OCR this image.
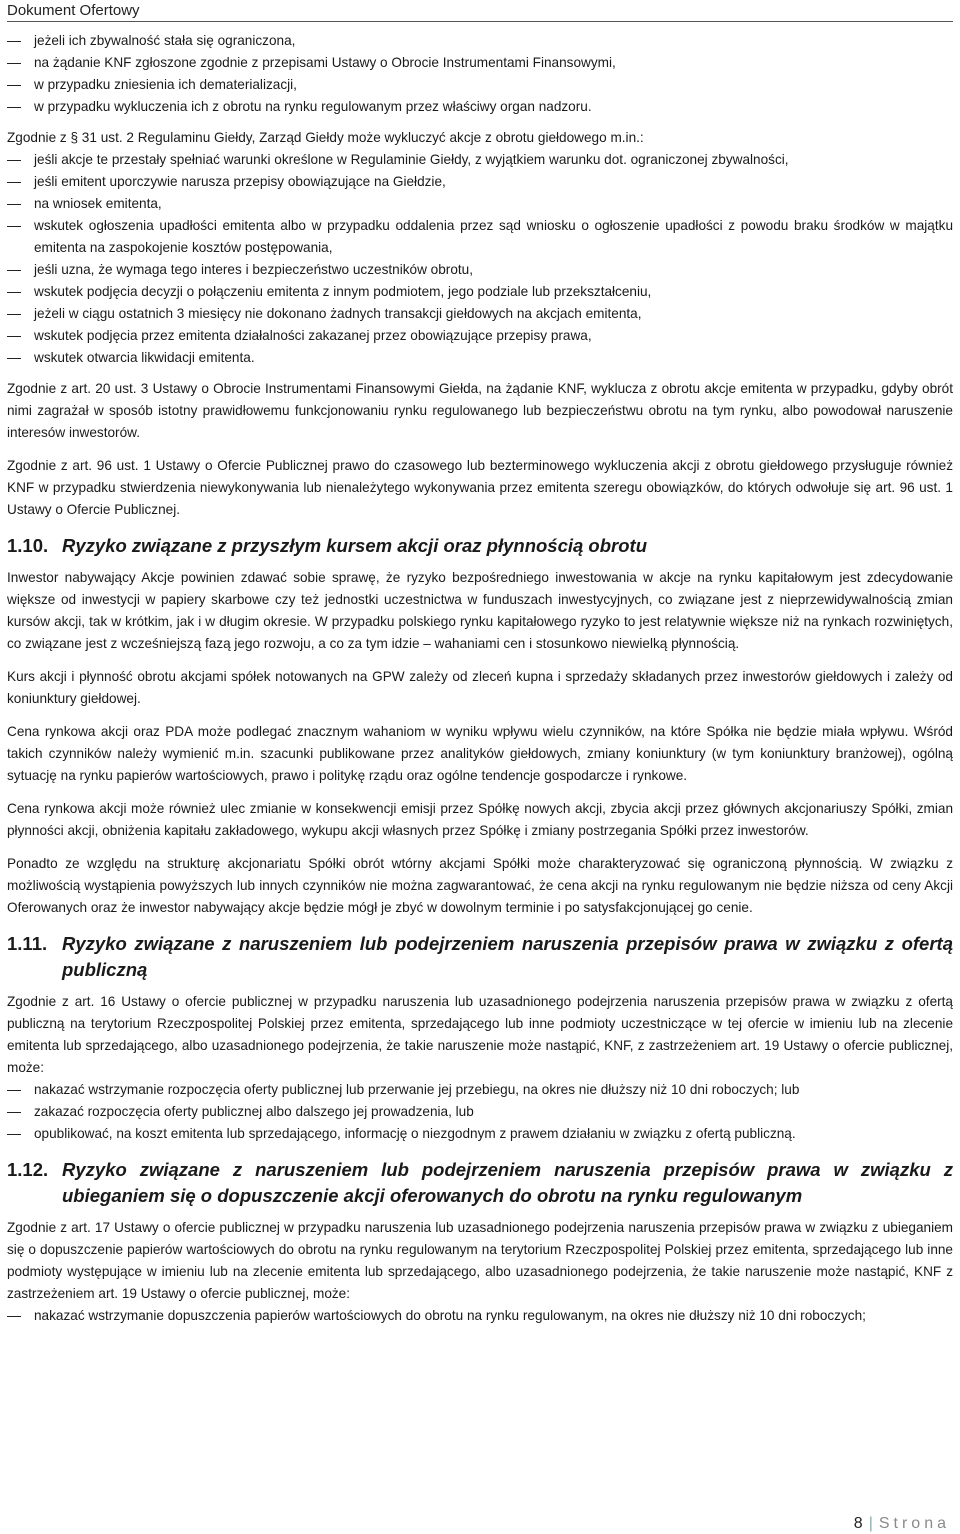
Dokument Ofertowy
jeżeli ich zbywalność stała się ograniczona,
na żądanie KNF zgłoszone zgodnie z przepisami Ustawy o Obrocie Instrumentami Finansowymi,
w przypadku zniesienia ich dematerializacji,
w przypadku wykluczenia ich z obrotu na rynku regulowanym przez właściwy organ nadzoru.

Zgodnie z § 31 ust. 2 Regulaminu Giełdy, Zarząd Giełdy może wykluczyć akcje z obrotu giełdowego m.in.:

jeśli akcje te przestały spełniać warunki określone w Regulaminie Giełdy, z wyjątkiem warunku dot. ograniczonej zbywalności,
jeśli emitent uporczywie narusza przepisy obowiązujące na Giełdzie,
na wniosek emitenta,
wskutek ogłoszenia upadłości emitenta albo w przypadku oddalenia przez sąd wniosku o ogłoszenie upadłości z powodu braku środków w majątku emitenta na zaspokojenie kosztów postępowania,
jeśli uzna, że wymaga tego interes i bezpieczeństwo uczestników obrotu,
wskutek podjęcia decyzji o połączeniu emitenta z innym podmiotem, jego podziale lub przekształceniu,
jeżeli w ciągu ostatnich 3 miesięcy nie dokonano żadnych transakcji giełdowych na akcjach emitenta,
wskutek podjęcia przez emitenta działalności zakazanej przez obowiązujące przepisy prawa,
wskutek otwarcia likwidacji emitenta.

Zgodnie z art. 20 ust. 3 Ustawy o Obrocie Instrumentami Finansowymi Giełda, na żądanie KNF, wyklucza z obrotu akcje emitenta w przypadku, gdyby obrót nimi zagrażał w sposób istotny prawidłowemu funkcjonowaniu rynku regulowanego lub bezpieczeństwu obrotu na tym rynku, albo powodował naruszenie interesów inwestorów.

Zgodnie z art. 96 ust. 1 Ustawy o Ofercie Publicznej prawo do czasowego lub bezterminowego wykluczenia akcji z obrotu giełdowego przysługuje również KNF w przypadku stwierdzenia niewykonywania lub nienależytego wykonywania przez emitenta szeregu obowiązków, do których odwołuje się art. 96 ust. 1 Ustawy o Ofercie Publicznej.

1.10. Ryzyko związane z przyszłym kursem akcji oraz płynnością obrotu

Inwestor nabywający Akcje powinien zdawać sobie sprawę, że ryzyko bezpośredniego inwestowania w akcje na rynku kapitałowym jest zdecydowanie większe od inwestycji w papiery skarbowe czy też jednostki uczestnictwa w funduszach inwestycyjnych, co związane jest z nieprzewidywalnością zmian kursów akcji, tak w krótkim, jak i w długim okresie. W przypadku polskiego rynku kapitałowego ryzyko to jest relatywnie większe niż na rynkach rozwiniętych, co związane jest z wcześniejszą fazą jego rozwoju, a co za tym idzie – wahaniami cen i stosunkowo niewielką płynnością.

Kurs akcji i płynność obrotu akcjami spółek notowanych na GPW zależy od zleceń kupna i sprzedaży składanych przez inwestorów giełdowych i zależy od koniunktury giełdowej.

Cena rynkowa akcji oraz PDA może podlegać znacznym wahaniom w wyniku wpływu wielu czynników, na które Spółka nie będzie miała wpływu. Wśród takich czynników należy wymienić m.in. szacunki publikowane przez analityków giełdowych, zmiany koniunktury (w tym koniunktury branżowej), ogólną sytuację na rynku papierów wartościowych, prawo i politykę rządu oraz ogólne tendencje gospodarcze i rynkowe.

Cena rynkowa akcji może również ulec zmianie w konsekwencji emisji przez Spółkę nowych akcji, zbycia akcji przez głównych akcjonariuszy Spółki, zmian płynności akcji, obniżenia kapitału zakładowego, wykupu akcji własnych przez Spółkę i zmiany postrzegania Spółki przez inwestorów.

Ponadto ze względu na strukturę akcjonariatu Spółki obrót wtórny akcjami Spółki może charakteryzować się ograniczoną płynnością. W związku z możliwością wystąpienia powyższych lub innych czynników nie można zagwarantować, że cena akcji na rynku regulowanym nie będzie niższa od ceny Akcji Oferowanych oraz że inwestor nabywający akcje będzie mógł je zbyć w dowolnym terminie i po satysfakcjonującej go cenie.

1.11. Ryzyko związane z naruszeniem lub podejrzeniem naruszenia przepisów prawa w związku z ofertą publiczną

Zgodnie z art. 16 Ustawy o ofercie publicznej w przypadku naruszenia lub uzasadnionego podejrzenia naruszenia przepisów prawa w związku z ofertą publiczną na terytorium Rzeczpospolitej Polskiej przez emitenta, sprzedającego lub inne podmioty uczestniczące w tej ofercie w imieniu lub na zlecenie emitenta lub sprzedającego, albo uzasadnionego podejrzenia, że takie naruszenie może nastąpić, KNF, z zastrzeżeniem art. 19 Ustawy o ofercie publicznej, może:

nakazać wstrzymanie rozpoczęcia oferty publicznej lub przerwanie jej przebiegu, na okres nie dłuższy niż 10 dni roboczych; lub
zakazać rozpoczęcia oferty publicznej albo dalszego jej prowadzenia, lub
opublikować, na koszt emitenta lub sprzedającego, informację o niezgodnym z prawem działaniu w związku z ofertą publiczną.
1.12. Ryzyko związane z naruszeniem lub podejrzeniem naruszenia przepisów prawa w związku z ubieganiem się o dopuszczenie akcji oferowanych do obrotu na rynku regulowanym

Zgodnie z art. 17 Ustawy o ofercie publicznej w przypadku naruszenia lub uzasadnionego podejrzenia naruszenia przepisów prawa w związku z ubieganiem się o dopuszczenie papierów wartościowych do obrotu na rynku regulowanym na terytorium Rzeczpospolitej Polskiej przez emitenta, sprzedającego lub inne podmioty występujące w imieniu lub na zlecenie emitenta lub sprzedającego, albo uzasadnionego podejrzenia, że takie naruszenie może nastąpić, KNF z zastrzeżeniem art. 19 Ustawy o ofercie publicznej, może:

nakazać wstrzymanie dopuszczenia papierów wartościowych do obrotu na rynku regulowanym, na okres nie dłuższy niż 10 dni roboczych;
8 | Strona
